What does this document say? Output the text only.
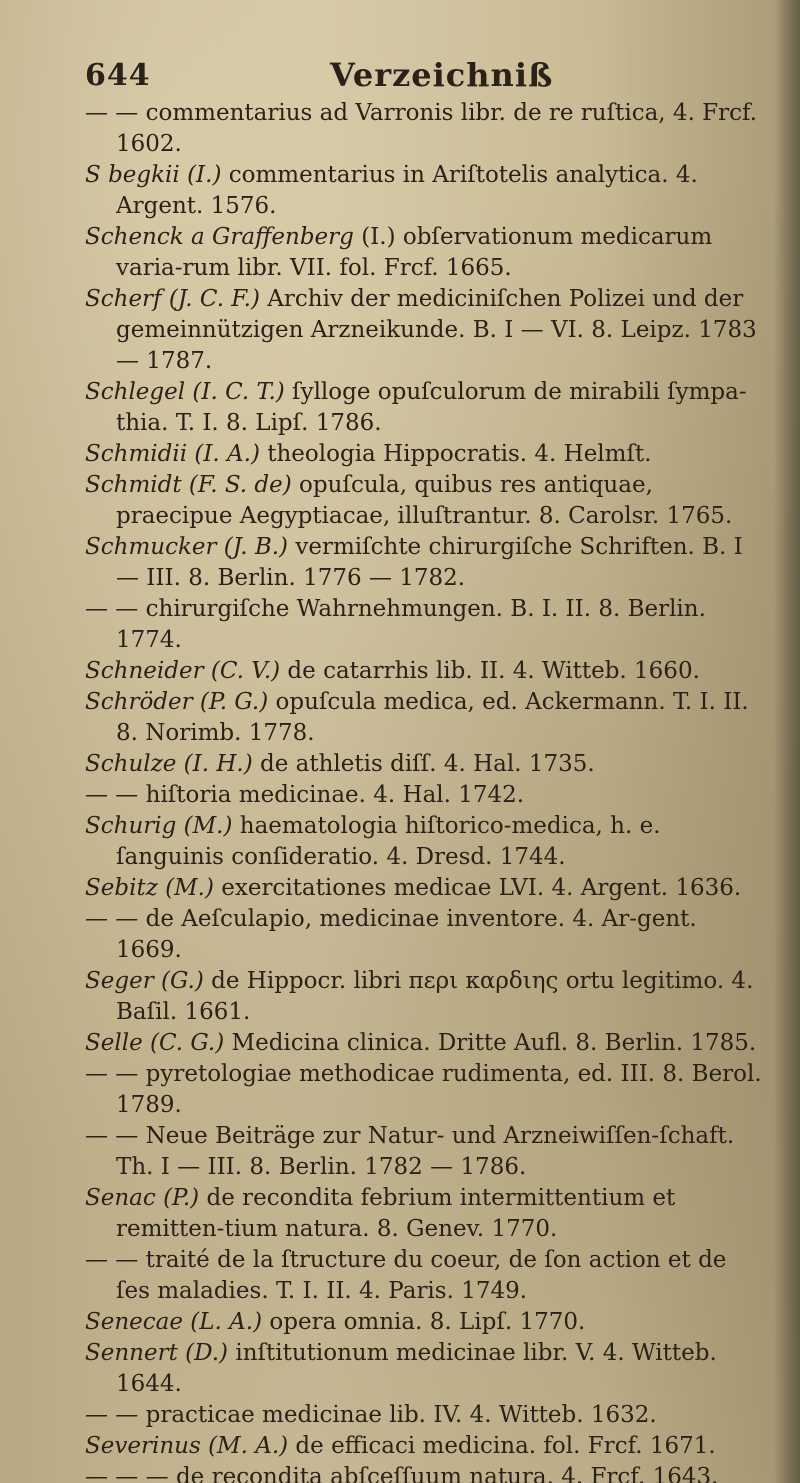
644	Verzeichniß
— — commentarius ad Varronis libr. de re ruſtica, 4. Frcf. 1602.
S begkii (I.) commentarius in Ariſtotelis analytica. 4. Argent. 1576.
Schenck a Graffenberg (I.) obſervationum medicarum varia-rum libr. VII. fol. Frcf. 1665.
Scherf (J. C. F.) Archiv der mediciniſchen Polizei und der gemeinnützigen Arzneikunde. B. I — VI. 8. Leipz. 1783 — 1787.
Schlegel (I. C. T.) ſylloge opuſculorum de mirabili ſympa-thia. T. I. 8. Lipſ. 1786.
Schmidii (I. A.) theologia Hippocratis. 4. Helmſt.
Schmidt (F. S. de) opuſcula, quibus res antiquae, praecipue Aegyptiacae, illuſtrantur. 8. Carolsr. 1765.
Schmucker (J. B.) vermiſchte chirurgiſche Schriften. B. I — III. 8. Berlin. 1776 — 1782.
— — chirurgiſche Wahrnehmungen. B. I. II. 8. Berlin. 1774.
Schneider (C. V.) de catarrhis lib. II. 4. Witteb. 1660.
Schröder (P. G.) opuſcula medica, ed. Ackermann. T. I. II. 8. Norimb. 1778.
Schulze (I. H.) de athletis diſſ. 4. Hal. 1735.
— — hiſtoria medicinae. 4. Hal. 1742.
Schurig (M.) haematologia hiſtorico-medica, h. e. ſanguinis conſideratio. 4. Dresd. 1744.
Sebitz (M.) exercitationes medicae LVI. 4. Argent. 1636.
— — de Aeſculapio, medicinae inventore. 4. Ar-gent. 1669.
Seger (G.) de Hippocr. libri περι καρδιης ortu legitimo. 4. Baſil. 1661.
Selle (C. G.) Medicina clinica. Dritte Aufl. 8. Berlin. 1785.
— — pyretologiae methodicae rudimenta, ed. III. 8. Berol. 1789.
— — Neue Beiträge zur Natur- und Arzneiwiſſen-ſchaft. Th. I — III. 8. Berlin. 1782 — 1786.
Senac (P.) de recondita febrium intermittentium et remitten-tium natura. 8. Genev. 1770.
— — traité de la ſtructure du coeur, de ſon action et de ſes maladies. T. I. II. 4. Paris. 1749.
Senecae (L. A.) opera omnia. 8. Lipſ. 1770.
Sennert (D.) inſtitutionum medicinae libr. V. 4. Witteb. 1644.
— — practicae medicinae lib. IV. 4. Witteb. 1632.
Severinus (M. A.) de efficaci medicina. fol. Frcf. 1671.
— — — de recondita abſceſſuum natura. 4. Frcf. 1643.
